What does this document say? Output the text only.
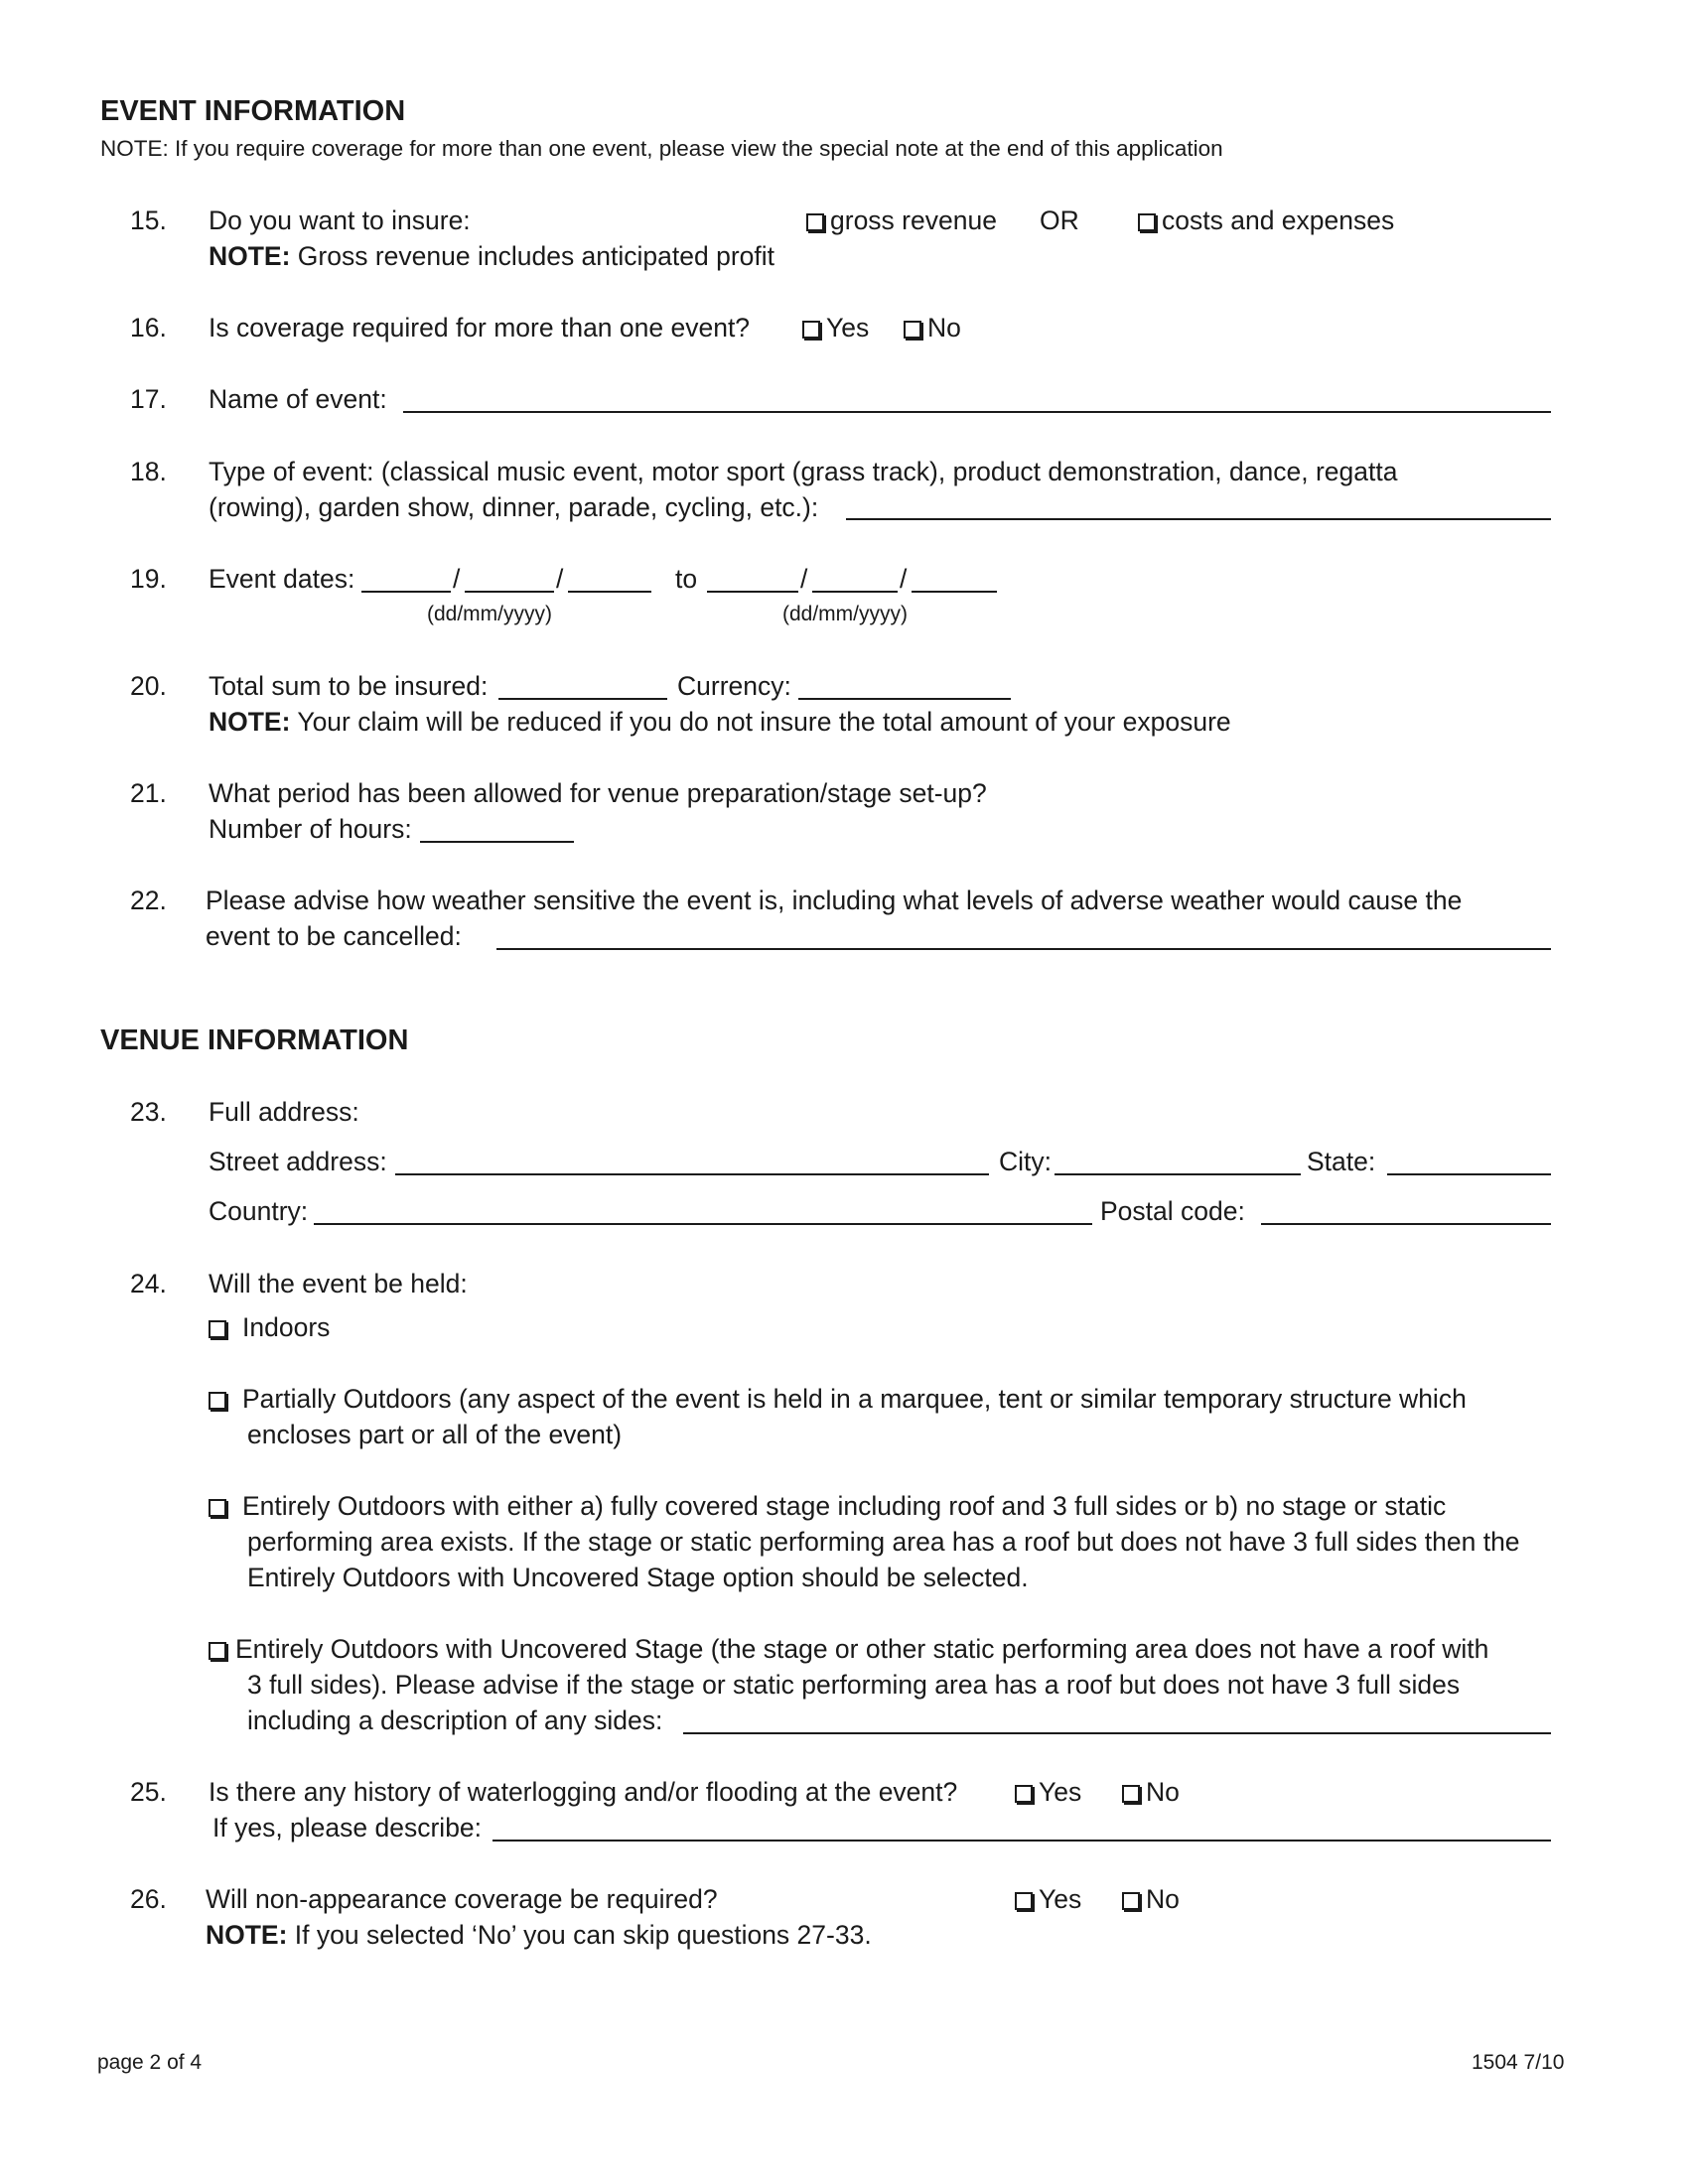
EVENT INFORMATION
NOTE: If you require coverage for more than one event, please view the special note at the end of this application
15. Do you want to insure:	gross revenue OR	costs and expenses
NOTE: Gross revenue includes anticipated profit
16. Is coverage required for more than one event?	Yes	No
17. Name of event:
18. Type of event: (classical music event, motor sport (grass track), product demonstration, dance, regatta
(rowing), garden show, dinner, parade, cycling, etc.):
19. Event dates:	/	/	to	/	/
(dd/mm/yyyy)	(dd/mm/yyyy)
20. Total sum to be insured:	Currency:
NOTE: Your claim will be reduced if you do not insure the total amount of your exposure
21. What period has been allowed for venue preparation/stage set-up?
Number of hours:
22. Please advise how weather sensitive the event is, including what levels of adverse weather would cause the
event to be cancelled:
VENUE INFORMATION
23. Full address:
Street address:	City:	State:
Country:	Postal code:
24. Will the event be held:
Indoors
Partially Outdoors (any aspect of the event is held in a marquee, tent or similar temporary structure which
encloses part or all of the event)
Entirely Outdoors with either a) fully covered stage including roof and 3 full sides or b) no stage or static
performing area exists. If the stage or static performing area has a roof but does not have 3 full sides then the
Entirely Outdoors with Uncovered Stage option should be selected.
Entirely Outdoors with Uncovered Stage (the stage or other static performing area does not have a roof with
3 full sides). Please advise if the stage or static performing area has a roof but does not have 3 full sides
including a description of any sides:
25. Is there any history of waterlogging and/or flooding at the event?	Yes	No
If yes, please describe:
26. Will non-appearance coverage be required?	Yes	No
NOTE: If you selected ‘No’ you can skip questions 27-33.
page 2 of 4	1504 7/10
